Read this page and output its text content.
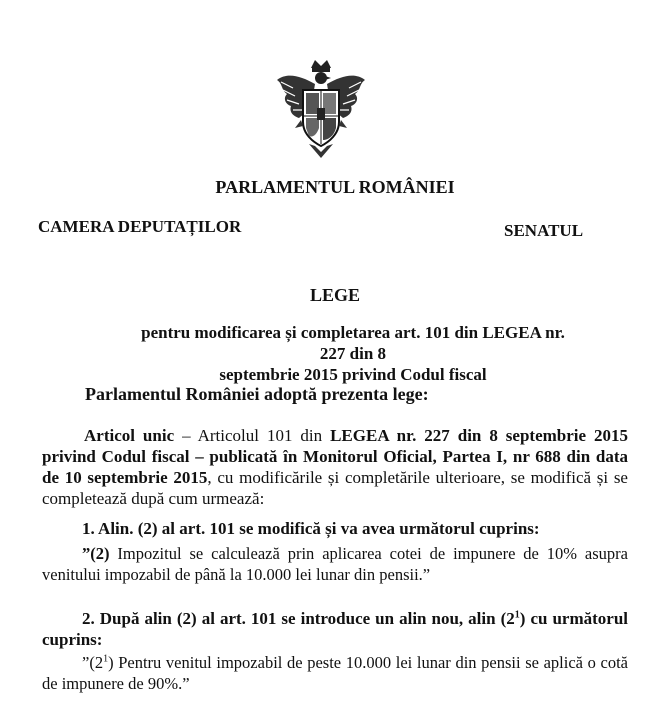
PARLAMENTUL ROMÂNIEI
CAMERA DEPUTAȚILOR	SENATUL
LEGE
pentru modificarea și completarea art. 101 din LEGEA nr. 227 din 8
septembrie 2015 privind Codul fiscal
Parlamentul României adoptă prezenta lege:
Articol unic – Articolul 101 din LEGEA nr. 227 din 8 septembrie 2015 privind Codul fiscal – publicată în Monitorul Oficial, Partea I, nr 688 din data de 10 septembrie 2015, cu modificările și completările ulterioare, se modifică și se completează după cum urmează:
1. Alin. (2) al art. 101 se modifică și va avea următorul cuprins:
”(2) Impozitul se calculează prin aplicarea cotei de impunere de 10% asupra venitului impozabil de până la 10.000 lei lunar din pensii.”
2. După alin (2) al art. 101 se introduce un alin nou, alin $(2^1)$ cu următorul cuprins:
$”(2^1)$ Pentru venitul impozabil de peste 10.000 lei lunar din pensii se aplică o cotă de impunere de 90%.”
